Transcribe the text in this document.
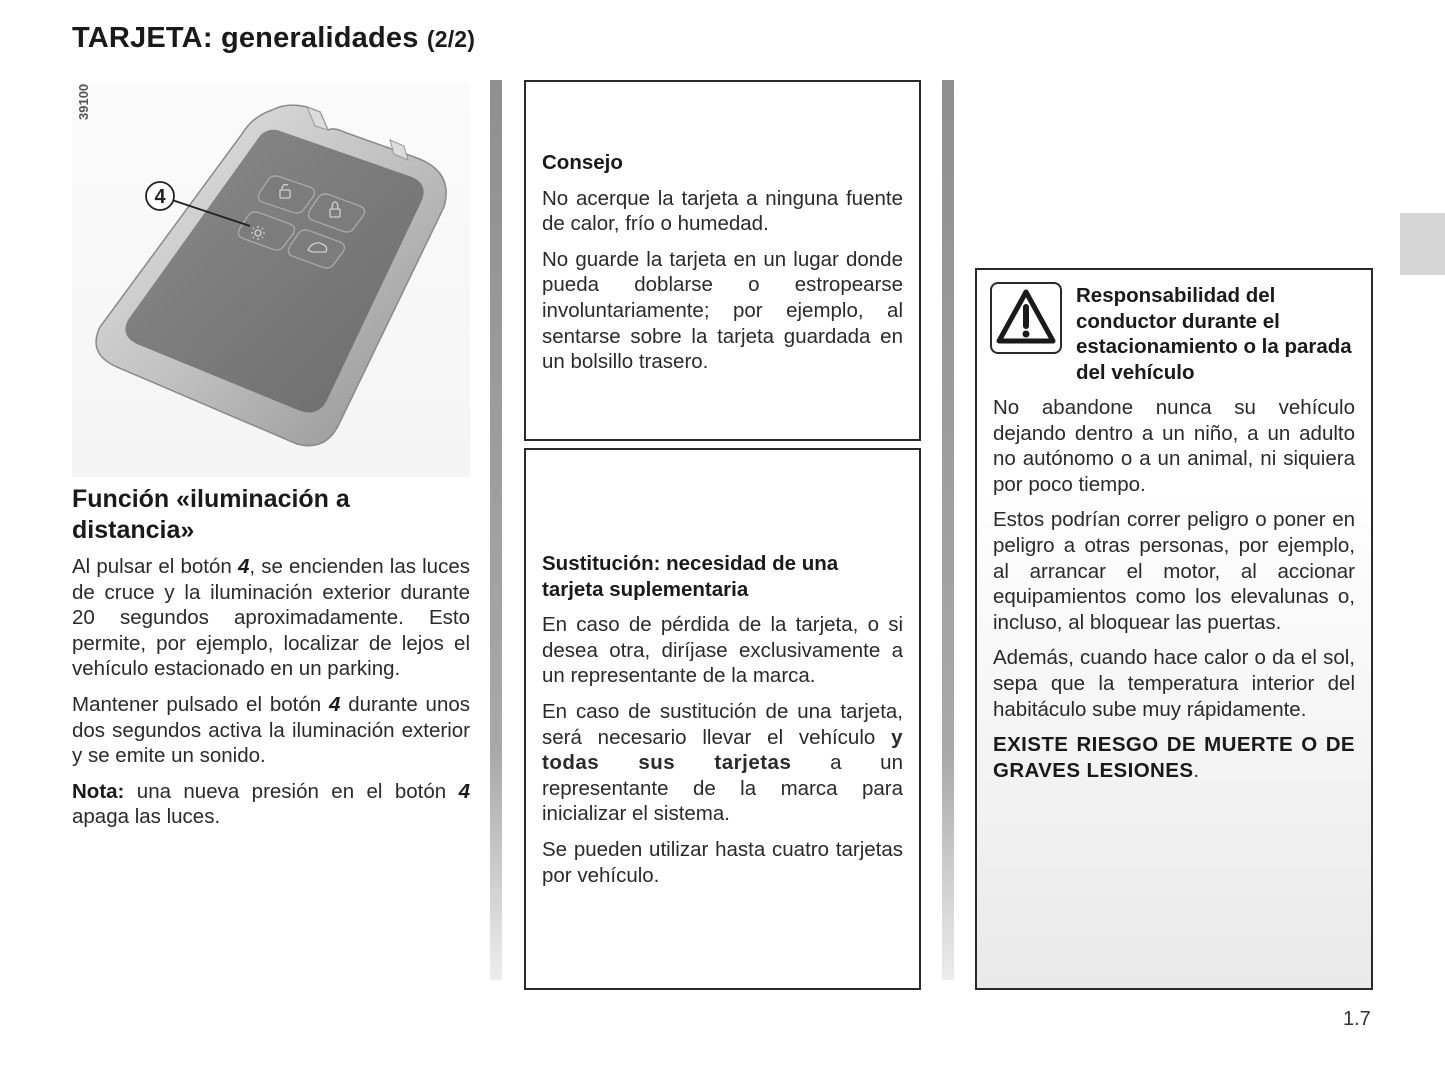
TARJETA: generalidades (2/2)
39100
4
Función «iluminación a distancia»

Al pulsar el botón 4, se encienden las luces de cruce y la iluminación exterior durante 20 segundos aproximadamente. Esto permite, por ejemplo, localizar de lejos el vehículo estacionado en un parking.

Mantener pulsado el botón 4 durante unos dos segundos activa la iluminación exterior y se emite un sonido.

Nota: una nueva presión en el botón 4 apaga las luces.

Consejo

No acerque la tarjeta a ninguna fuente de calor, frío o humedad.

No guarde la tarjeta en un lugar donde pueda doblarse o estropearse involuntariamente; por ejemplo, al sentarse sobre la tarjeta guardada en un bolsillo trasero.

Sustitución: necesidad de una tarjeta suplementaria

En caso de pérdida de la tarjeta, o si desea otra, diríjase exclusivamente a un representante de la marca.

En caso de sustitución de una tarjeta, será necesario llevar el vehículo y todas sus tarjetas a un representante de la marca para inicializar el sistema.

Se pueden utilizar hasta cuatro tarjetas por vehículo.

Responsabilidad del conductor durante el estacionamiento o la parada del vehículo

No abandone nunca su vehículo dejando dentro a un niño, a un adulto no autónomo o a un animal, ni siquiera por poco tiempo.

Estos podrían correr peligro o poner en peligro a otras personas, por ejemplo, al arrancar el motor, al accionar equipamientos como los elevalunas o, incluso, al bloquear las puertas.

Además, cuando hace calor o da el sol, sepa que la temperatura interior del habitáculo sube muy rápidamente.

EXISTE RIESGO DE MUERTE O DE GRAVES LESIONES.

1.7
